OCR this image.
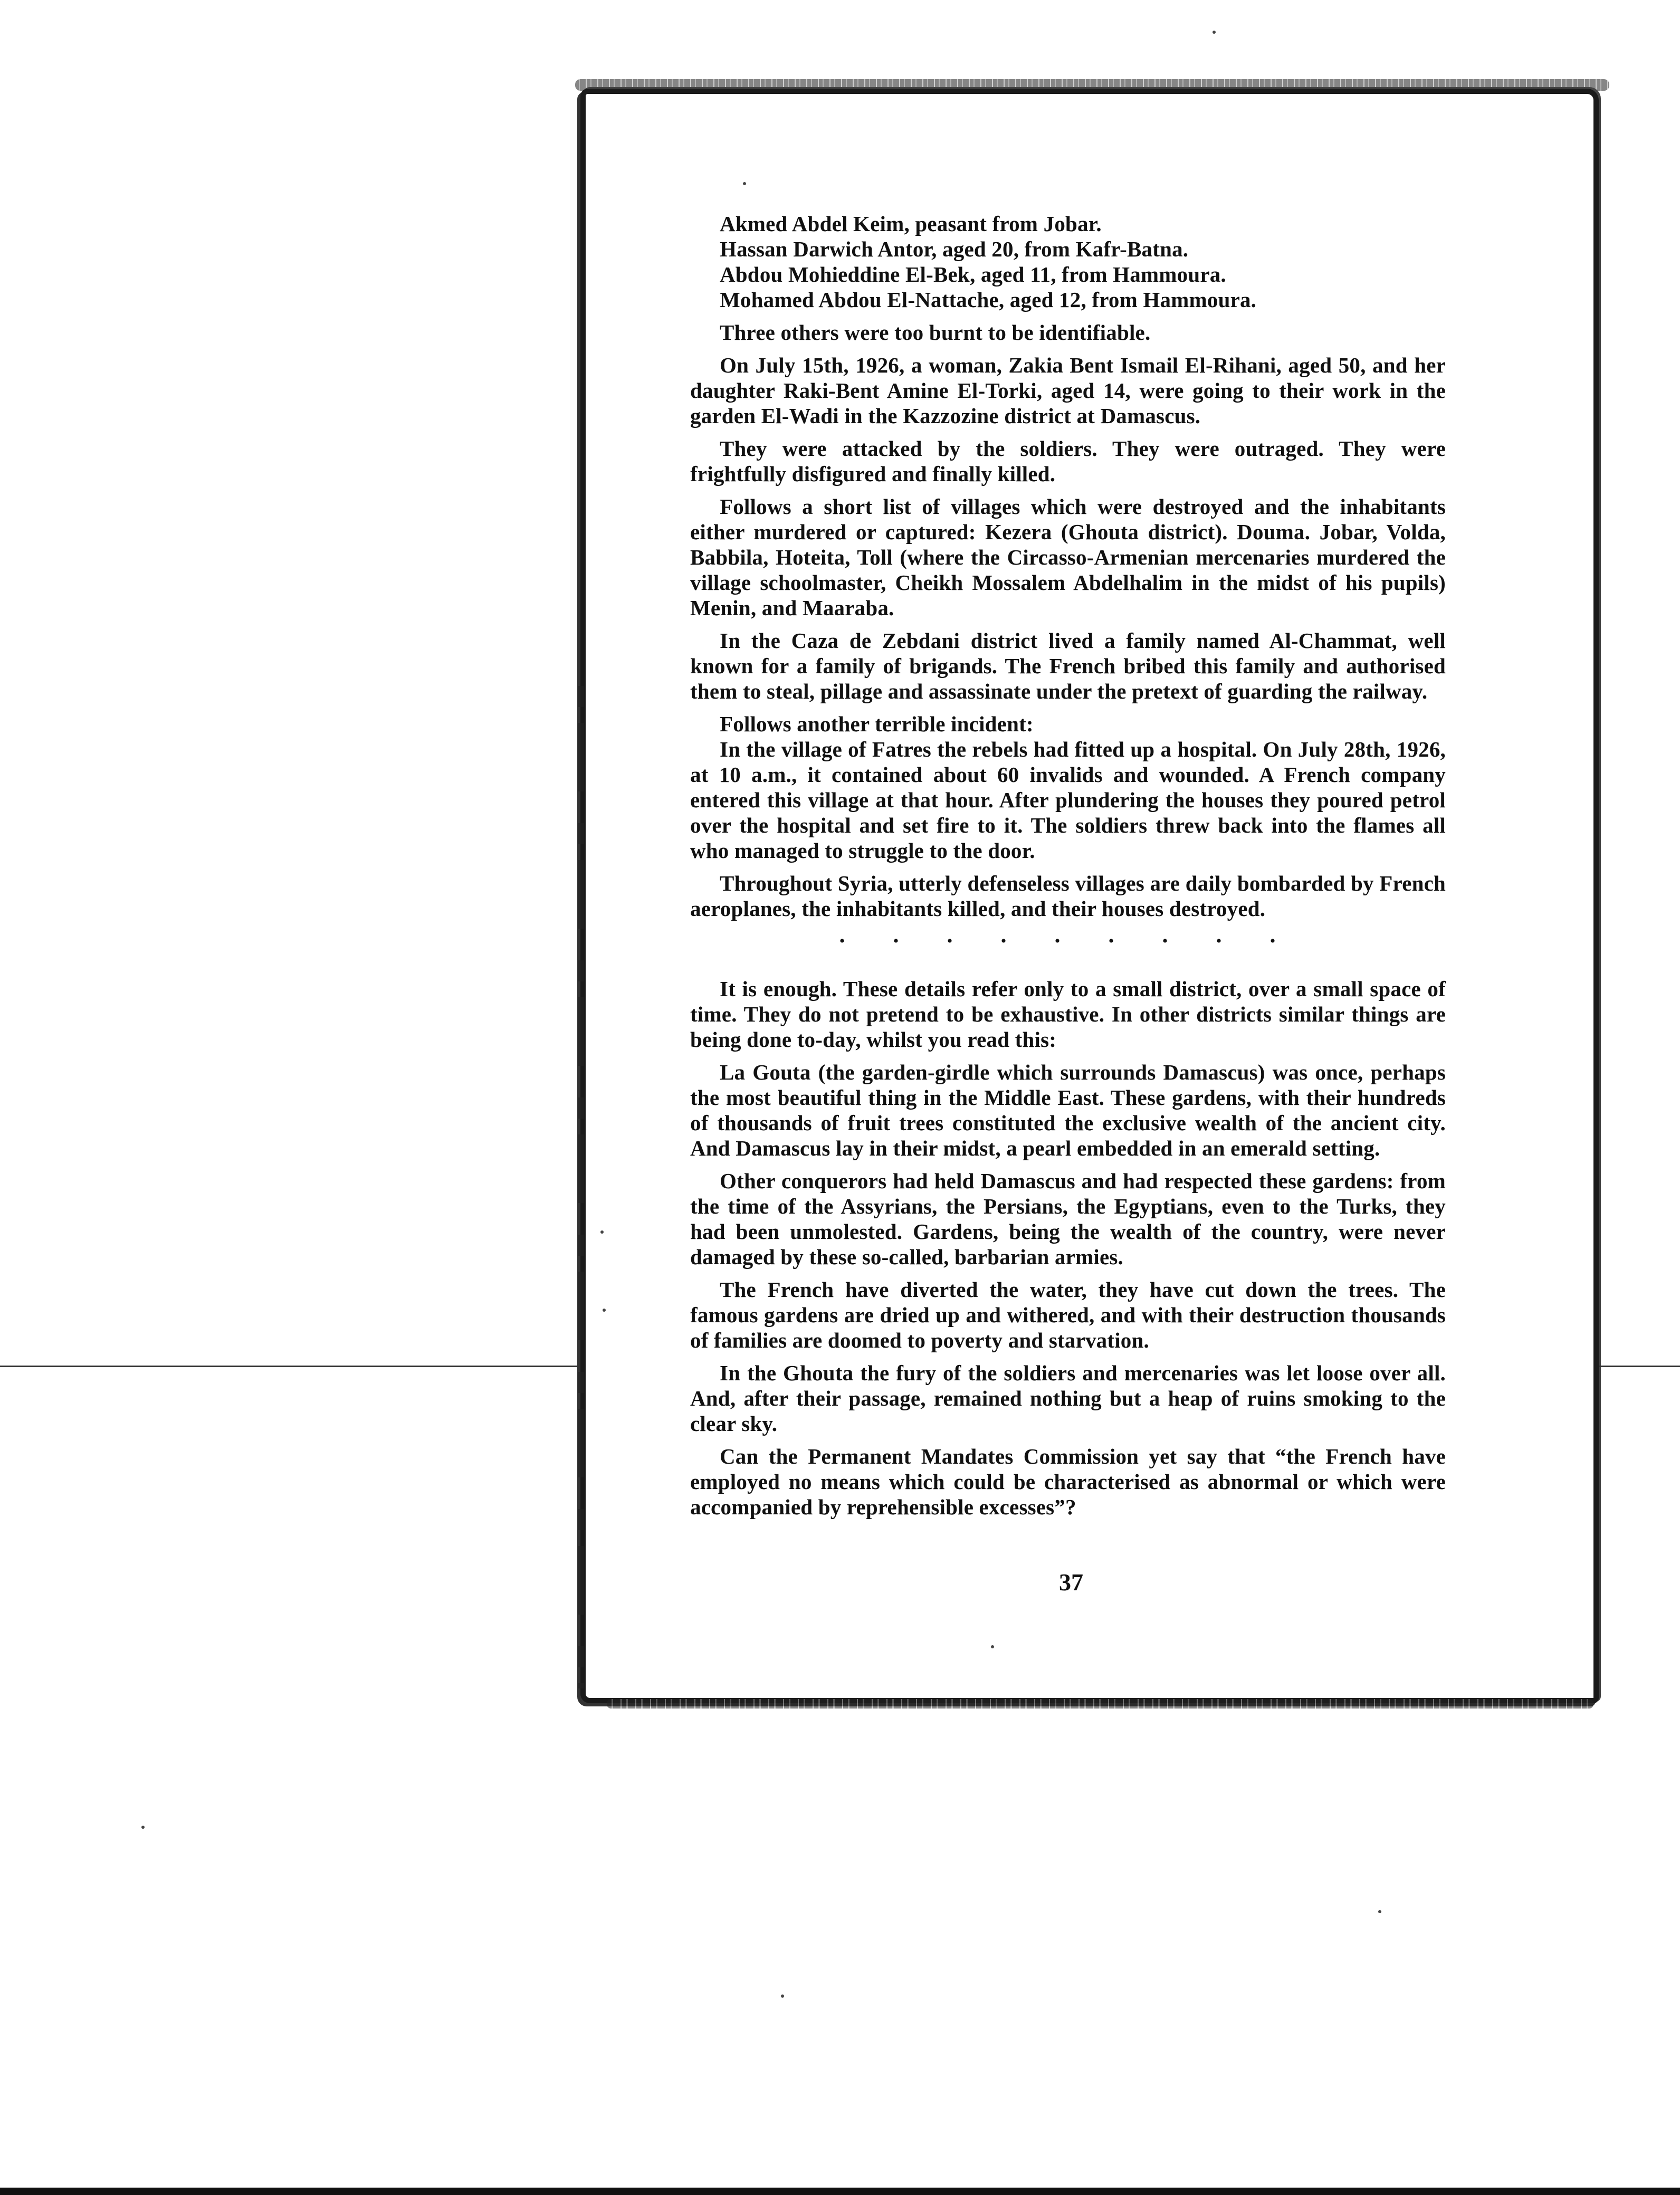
Akmed Abdel Keim, peasant from Jobar.

Hassan Darwich Antor, aged 20, from Kafr-Batna.

Abdou Mohieddine El-Bek, aged 11, from Hammoura.

Mohamed Abdou El-Nattache, aged 12, from Hammoura.

Three others were too burnt to be identifiable.

On July 15th, 1926, a woman, Zakia Bent Ismail El-Rihani, aged 50, and her daughter Raki-Bent Amine El-Torki, aged 14, were going to their work in the garden El-Wadi in the Kazzozine district at Damascus.

They were attacked by the soldiers. They were outraged. They were frightfully disfigured and finally killed.

Follows a short list of villages which were destroyed and the inhabitants either murdered or captured: Kezera (Ghouta district). Douma. Jobar, Volda, Babbila, Hoteita, Toll (where the Circasso-Armenian mercenaries murdered the village schoolmaster, Cheikh Mossalem Abdelhalim in the midst of his pupils) Menin, and Maaraba.

In the Caza de Zebdani district lived a family named Al-Chammat, well known for a family of brigands. The French bribed this family and authorised them to steal, pillage and assassinate under the pretext of guarding the railway.

Follows another terrible incident:

In the village of Fatres the rebels had fitted up a hospital. On July 28th, 1926, at 10 a.m., it contained about 60 invalids and wounded. A French company entered this village at that hour. After plundering the houses they poured petrol over the hospital and set fire to it. The soldiers threw back into the flames all who managed to struggle to the door.

Throughout Syria, utterly defenseless villages are daily bombarded by French aeroplanes, the inhabitants killed, and their houses destroyed.

. . . . . . . . .

It is enough. These details refer only to a small district, over a small space of time. They do not pretend to be exhaustive. In other districts similar things are being done to-day, whilst you read this:

La Gouta (the garden-girdle which surrounds Damascus) was once, perhaps the most beautiful thing in the Middle East. These gardens, with their hundreds of thousands of fruit trees constituted the exclusive wealth of the ancient city. And Damascus lay in their midst, a pearl embedded in an emerald setting.

Other conquerors had held Damascus and had respected these gardens: from the time of the Assyrians, the Persians, the Egyptians, even to the Turks, they had been unmolested. Gardens, being the wealth of the country, were never damaged by these so-called, barbarian armies.

The French have diverted the water, they have cut down the trees. The famous gardens are dried up and withered, and with their destruction thousands of families are doomed to poverty and starvation.

In the Ghouta the fury of the soldiers and mercenaries was let loose over all. And, after their passage, remained nothing but a heap of ruins smoking to the clear sky.

Can the Permanent Mandates Commission yet say that “the French have employed no means which could be characterised as abnormal or which were accompanied by reprehensible excesses”?

37
